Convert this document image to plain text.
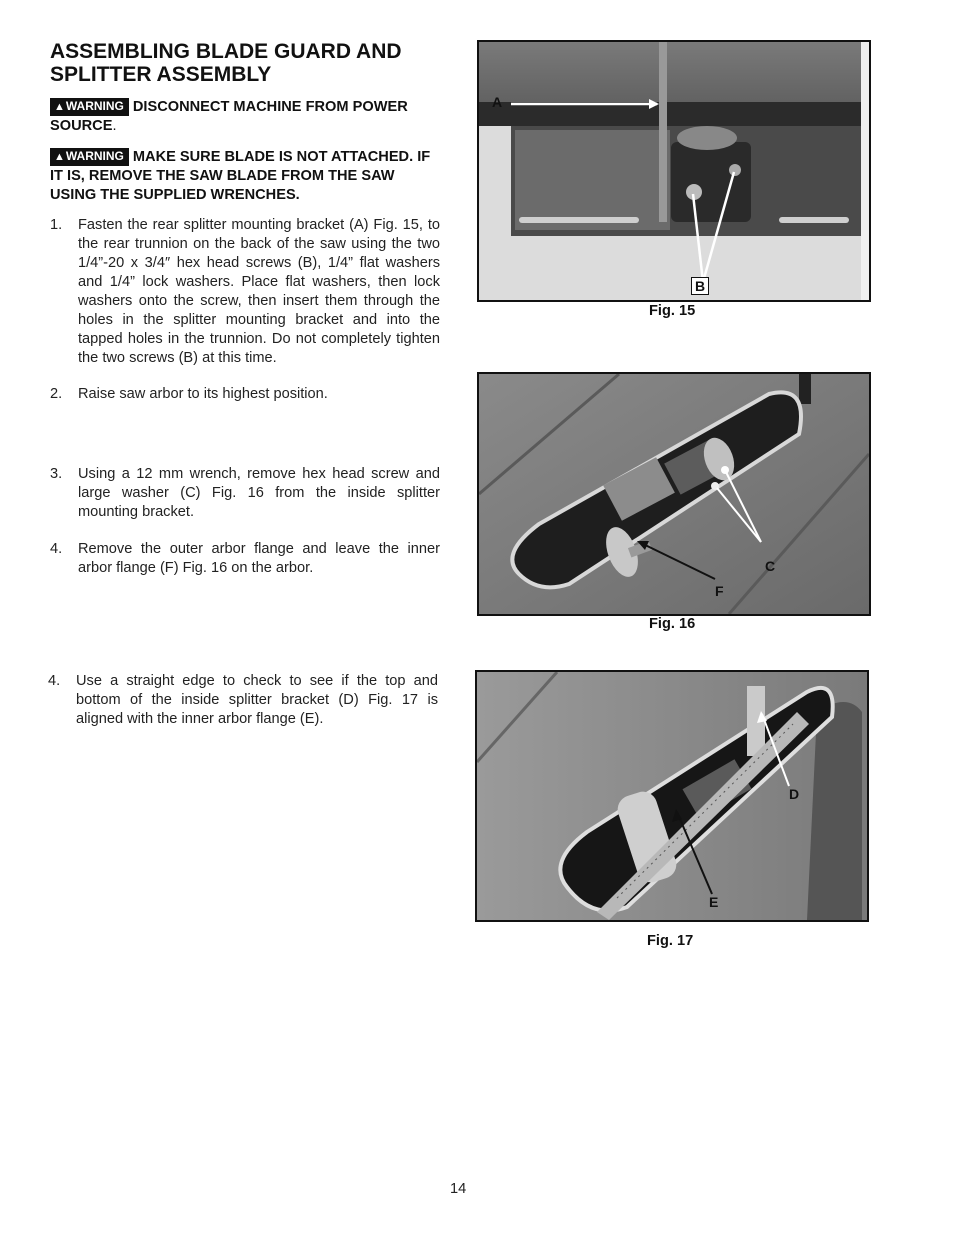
ASSEMBLING BLADE GUARD AND SPLITTER ASSEMBLY
▲WARNING DISCONNECT MACHINE FROM POWER SOURCE.
▲WARNING MAKE SURE BLADE IS NOT ATTACHED. IF IT IS, REMOVE THE SAW BLADE FROM THE SAW USING THE SUPPLIED WRENCHES.
1. Fasten the rear splitter mounting bracket (A) Fig. 15, to the rear trunnion on the back of the saw using the two 1/4”-20 x 3/4″ hex head screws (B), 1/4” flat washers and 1/4” lock washers. Place flat washers, then lock washers onto the screw, then insert them through the holes in the splitter mounting bracket and into the tapped holes in the trunnion. Do not completely tighten the two screws (B) at this time.
2. Raise saw arbor to its highest position.
3. Using a 12 mm wrench, remove hex head screw and large washer (C) Fig. 16 from the inside splitter mounting bracket.
4. Remove the outer arbor flange and leave the inner arbor flange (F) Fig. 16 on the arbor.
4. Use a straight edge to check to see if the top and bottom of the inside splitter bracket (D) Fig. 17 is aligned with the inner arbor flange (E).
A
B
Fig. 15
C
F
Fig. 16
D
E
Fig. 17
14
